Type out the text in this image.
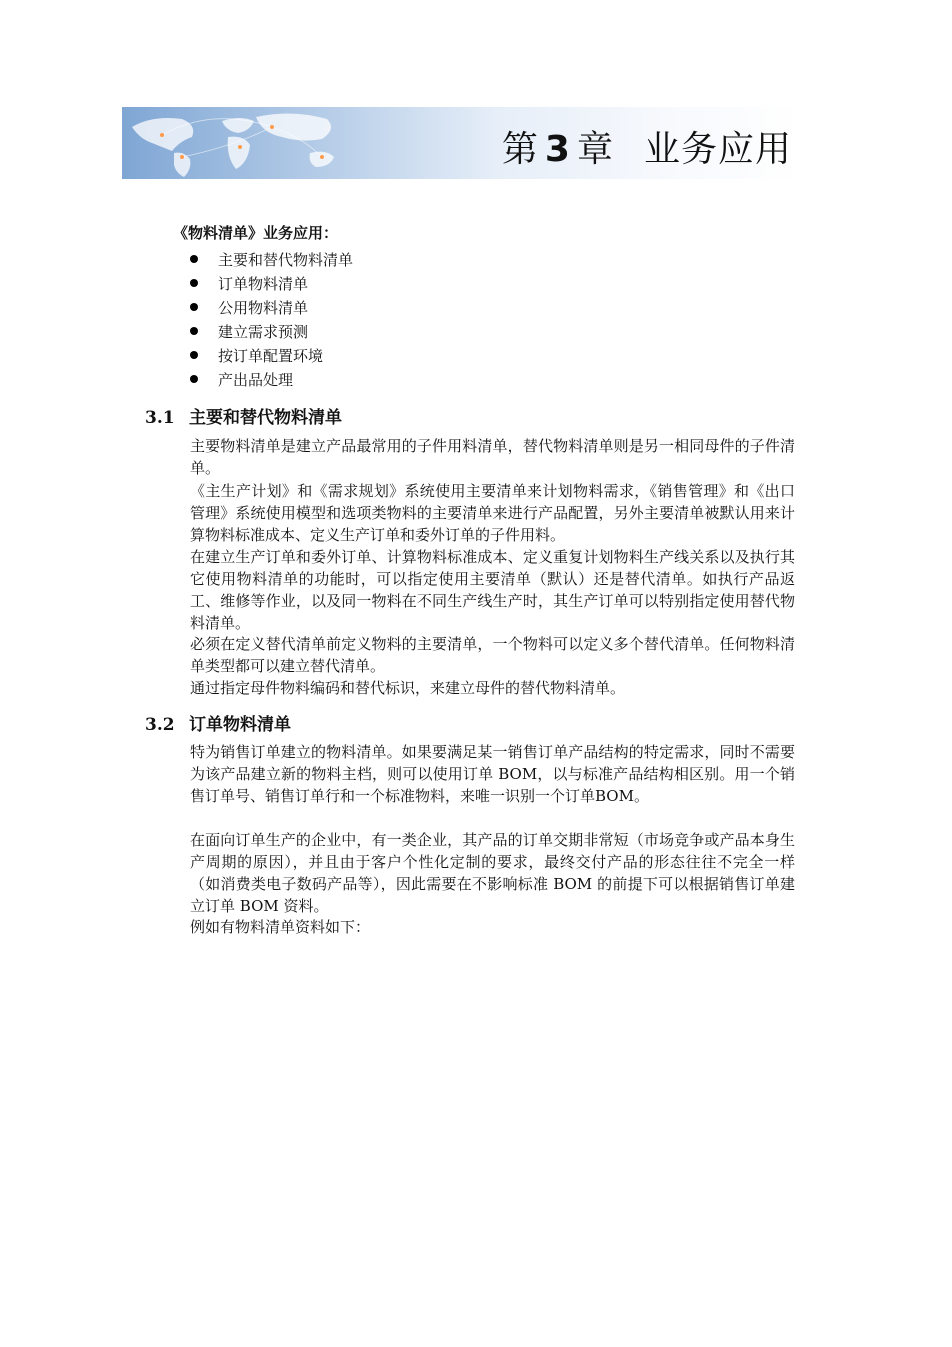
第 3 章 业务应用
《物料清单》业务应用：
主要和替代物料清单
订单物料清单
公用物料清单
建立需求预测
按订单配置环境
产出品处理
3.1 主要和替代物料清单

主要物料清单是建立产品最常用的子件用料清单，替代物料清单则是另一相同母件的子件清单。

《主生产计划》和《需求规划》系统使用主要清单来计划物料需求，《销售管理》和《出口管理》系统使用模型和选项类物料的主要清单来进行产品配置，另外主要清单被默认用来计算物料标准成本、定义生产订单和委外订单的子件用料。

在建立生产订单和委外订单、计算物料标准成本、定义重复计划物料生产线关系以及执行其它使用物料清单的功能时，可以指定使用主要清单（默认）还是替代清单。如执行产品返工、维修等作业，以及同一物料在不同生产线生产时，其生产订单可以特别指定使用替代物料清单。

必须在定义替代清单前定义物料的主要清单，一个物料可以定义多个替代清单。任何物料清单类型都可以建立替代清单。

通过指定母件物料编码和替代标识，来建立母件的替代物料清单。

3.2 订单物料清单

特为销售订单建立的物料清单。如果要满足某一销售订单产品结构的特定需求，同时不需要为该产品建立新的物料主档，则可以使用订单 BOM，以与标准产品结构相区别。用一个销售订单号、销售订单行和一个标准物料，来唯一识别一个订单BOM。

在面向订单生产的企业中，有一类企业，其产品的订单交期非常短（市场竞争或产品本身生产周期的原因），并且由于客户个性化定制的要求，最终交付产品的形态往往不完全一样（如消费类电子数码产品等），因此需要在不影响标准 BOM 的前提下可以根据销售订单建立订单 BOM 资料。

例如有物料清单资料如下：
